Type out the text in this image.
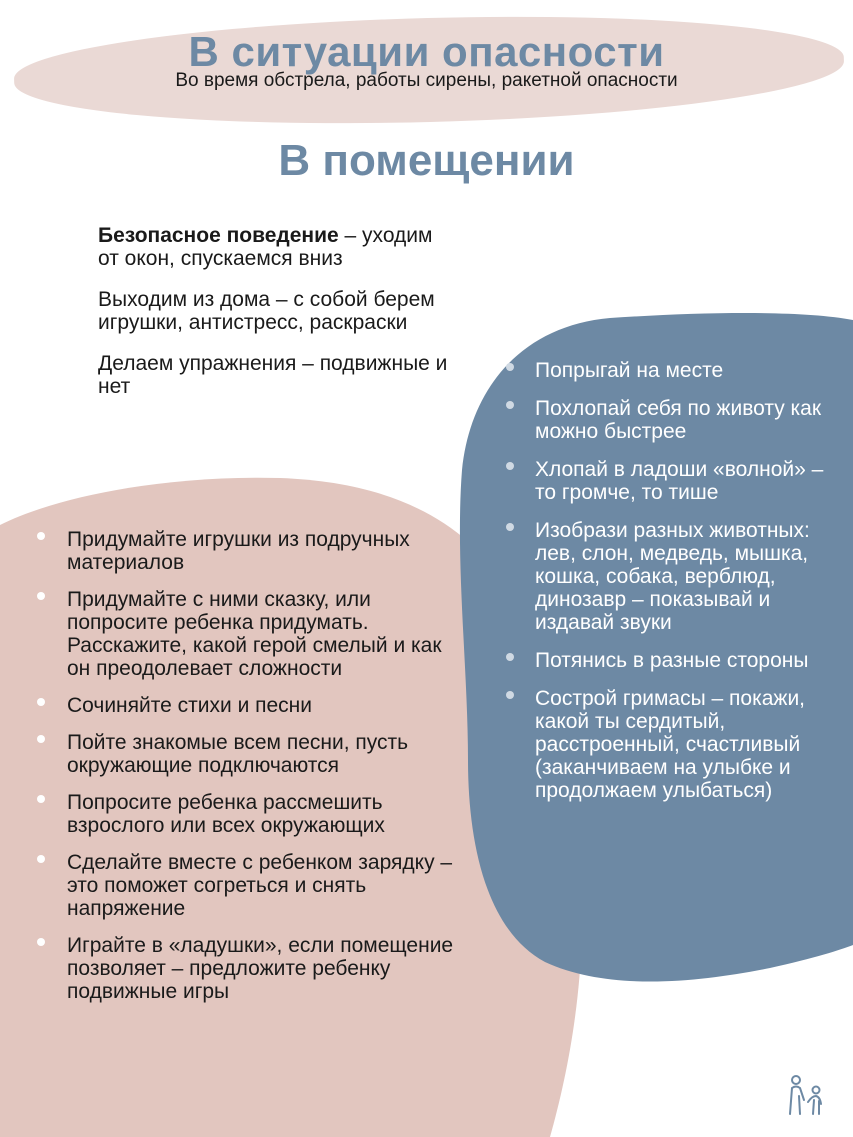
В ситуации опасности
Во время обстрела, работы сирены, ракетной опасности
В помещении

Безопасное поведение – уходим от окон, спускаемся вниз

Выходим из дома – с собой берем игрушки, антистресс, раскраски

Делаем упражнения – подвижные и нет

Придумайте игрушки из подручных материалов
Придумайте с ними сказку, или попросите ребенка придумать. Расскажите, какой герой смелый и как он преодолевает сложности
Сочиняйте стихи и песни
Пойте знакомые всем песни, пусть окружающие подключаются
Попросите ребенка рассмешить взрослого или всех окружающих
Сделайте вместе с ребенком зарядку – это поможет согреться и снять напряжение
Играйте в «ладушки», если помещение позволяет – предложите ребенку подвижные игры
Попрыгай на месте
Похлопай себя по животу как можно быстрее
Хлопай в ладоши «волной» – то громче, то тише
Изобрази разных животных: лев, слон, медведь, мышка, кошка, собака, верблюд, динозавр – показывай и издавай звуки
Потянись в разные стороны
Сострой гримасы – покажи, какой ты сердитый, расстроенный, счастливый (заканчиваем на улыбке и продолжаем улыбаться)
